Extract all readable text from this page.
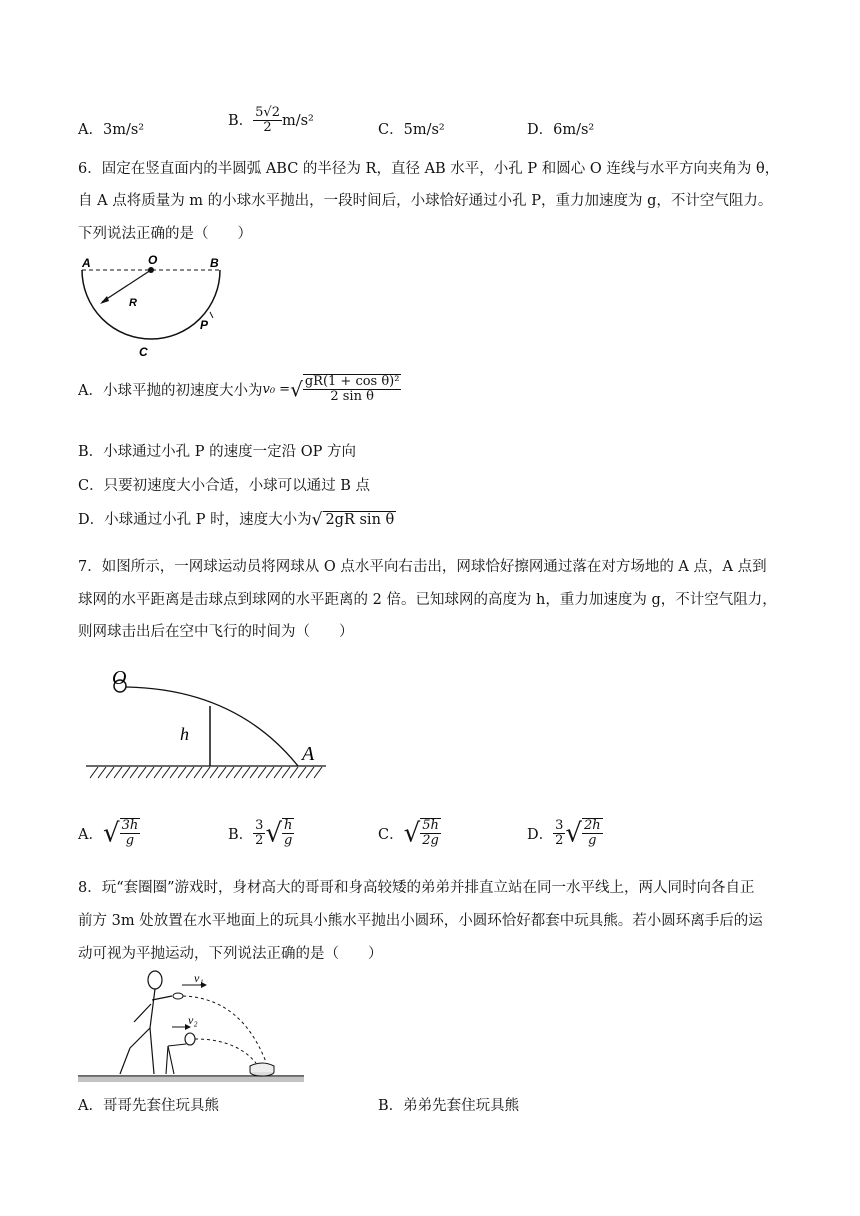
A．3m/s²
B． $\frac{5√2}{2} m/s^2$
C．5m/s²	D．6m/s²
6．固定在竖直面内的半圆弧 ABC 的半径为 R，直径 AB 水平，小孔 P 和圆心 O 连线与水平方向夹角为 θ，
自 A 点将质量为 m 的小球水平抛出，一段时间后，小球恰好通过小孔 P，重力加速度为 g，不计空气阻力。
下列说法正确的是（　　）
A	O	B
R
P
C
A．小球平抛的初速度大小为v₀ =√ $\frac{\text{gR(1 + cos θ)²}}{\text{2 sin θ}}$
B．小球通过小孔 P 的速度一定沿 OP 方向
C．只要初速度大小合适，小球可以通过 B 点
D．小球通过小孔 P 时，速度大小为√ 2gR sin θ
7．如图所示，一网球运动员将网球从 O 点水平向右击出，网球恰好擦网通过落在对方场地的 A 点，A 点到
球网的水平距离是击球点到球网的水平距离的 2 倍。已知球网的高度为 h，重力加速度为 g，不计空气阻力，
则网球击出后在空中飞行的时间为（　　）
O
h
A
A．√ $\frac{3h}{g}$	B． $\frac{3}{2}$ √ $\frac{h}{g}$	C．√ $\frac{5h}{2g}$	D． $\frac{3}{2}$ √ $\frac{2h}{g}$
8．玩“套圈圈”游戏时，身材高大的哥哥和身高较矮的弟弟并排直立站在同一水平线上，两人同时向各自正
前方 3m 处放置在水平地面上的玩具小熊水平抛出小圆环，小圆环恰好都套中玩具熊。若小圆环离手后的运
动可视为平抛运动，下列说法正确的是（　　）
v₁
v₂
A．哥哥先套住玩具熊	B．弟弟先套住玩具熊
